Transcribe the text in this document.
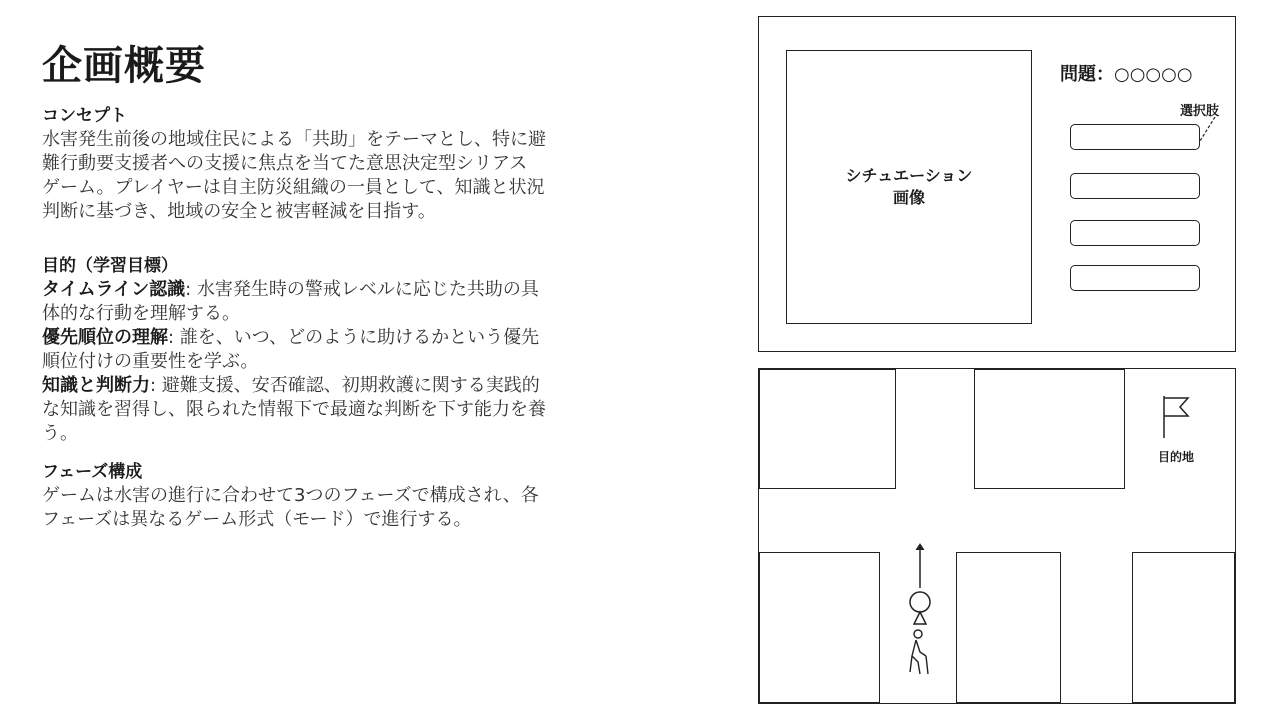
企画概要
コンセプト
水害発生前後の地域住民による「共助」をテーマとし、特に避
難行動要支援者への支援に焦点を当てた意思決定型シリアス
ゲーム。プレイヤーは自主防災組織の一員として、知識と状況
判断に基づき、地域の安全と被害軽減を目指す。
目的（学習目標）
タイムライン認識: 水害発生時の警戒レベルに応じた共助の具
体的な行動を理解する。
優先順位の理解: 誰を、いつ、どのように助けるかという優先
順位付けの重要性を学ぶ。
知識と判断力: 避難支援、安否確認、初期救護に関する実践的
な知識を習得し、限られた情報下で最適な判断を下す能力を養
う。
フェーズ構成
ゲームは水害の進行に合わせて3つのフェーズで構成され、各
フェーズは異なるゲーム形式（モード）で進行する。
シチュエーション
画像
問題：○○○○○
選択肢
目的地
